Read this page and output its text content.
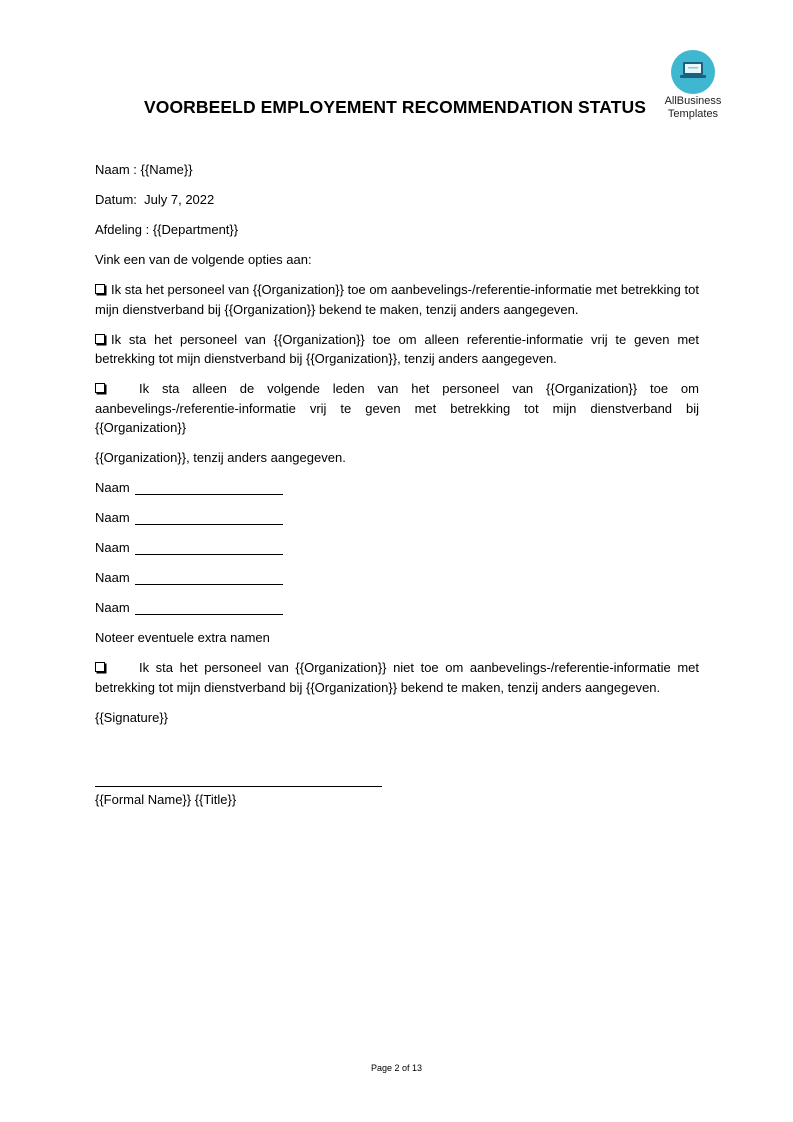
AllBusiness
Templates
VOORBEELD EMPLOYEMENT RECOMMENDATION STATUS
Naam : {{Name}}
Datum: July 7, 2022
Afdeling : {{Department}}
Vink een van de volgende opties aan:
Ik sta het personeel van {{Organization}} toe om aanbevelings-/referentie-informatie met betrekking tot mijn dienstverband bij {{Organization}} bekend te maken, tenzij anders aangegeven.
Ik sta het personeel van {{Organization}} toe om alleen referentie-informatie vrij te geven met betrekking tot mijn dienstverband bij {{Organization}}, tenzij anders aangegeven.
Ik sta alleen de volgende leden van het personeel van {{Organization}} toe om aanbevelings-/referentie-informatie vrij te geven met betrekking tot mijn dienstverband bij {{Organization}}
{{Organization}}, tenzij anders aangegeven.
Naam
Naam
Naam
Naam
Naam
Noteer eventuele extra namen
Ik sta het personeel van {{Organization}} niet toe om aanbevelings-/referentie-informatie met betrekking tot mijn dienstverband bij {{Organization}} bekend te maken, tenzij anders aangegeven.
{{Signature}}
{{Formal Name}} {{Title}}
Page 2 of 13
